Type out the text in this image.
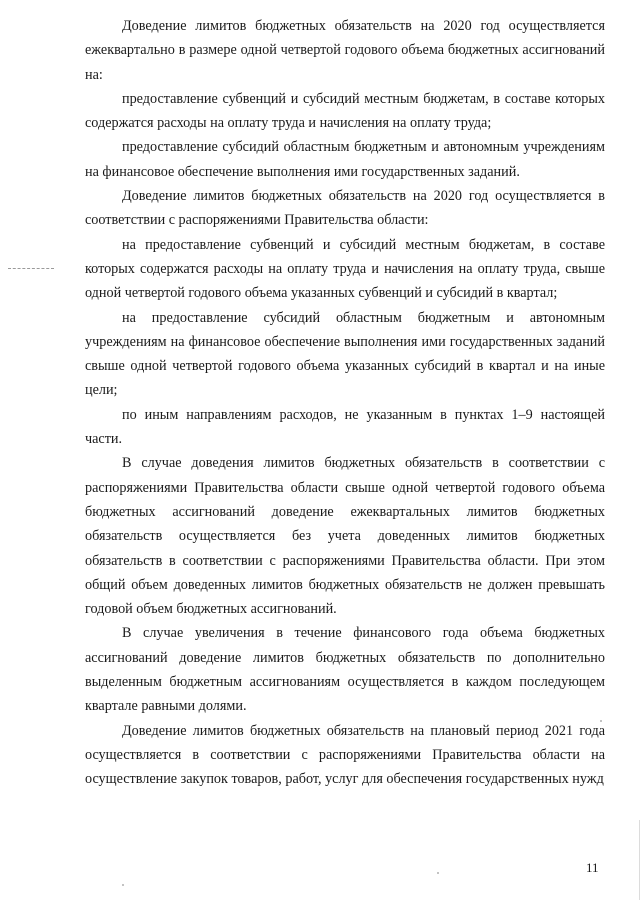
Доведение лимитов бюджетных обязательств на 2020 год осуществляется ежеквартально в размере одной четвертой годового объема бюджетных ассигнований на:

предоставление субвенций и субсидий местным бюджетам, в составе которых содержатся расходы на оплату труда и начисления на оплату труда;

предоставление субсидий областным бюджетным и автономным учреждениям на финансовое обеспечение выполнения ими государственных заданий.

Доведение лимитов бюджетных обязательств на 2020 год осуществляется в соответствии с распоряжениями Правительства области:

на предоставление субвенций и субсидий местным бюджетам, в составе которых содержатся расходы на оплату труда и начисления на оплату труда, свыше одной четвертой годового объема указанных субвенций и субсидий в квартал;

на предоставление субсидий областным бюджетным и автономным учреждениям на финансовое обеспечение выполнения ими государственных заданий свыше одной четвертой годового объема указанных субсидий в квартал и на иные цели;

по иным направлениям расходов, не указанным в пунктах 1–9 настоящей части.

В случае доведения лимитов бюджетных обязательств в соответствии с распоряжениями Правительства области свыше одной четвертой годового объема бюджетных ассигнований доведение ежеквартальных лимитов бюджетных обязательств осуществляется без учета доведенных лимитов бюджетных обязательств в соответствии с распоряжениями Правительства области. При этом общий объем доведенных лимитов бюджетных обязательств не должен превышать годовой объем бюджетных ассигнований.

В случае увеличения в течение финансового года объема бюджетных ассигнований доведение лимитов бюджетных обязательств по дополнительно выделенным бюджетным ассигнованиям осуществляется в каждом последующем квартале равными долями.

Доведение лимитов бюджетных обязательств на плановый период 2021 года осуществляется в соответствии с распоряжениями Правительства области на осуществление закупок товаров, работ, услуг для обеспечения государственных нужд

11
